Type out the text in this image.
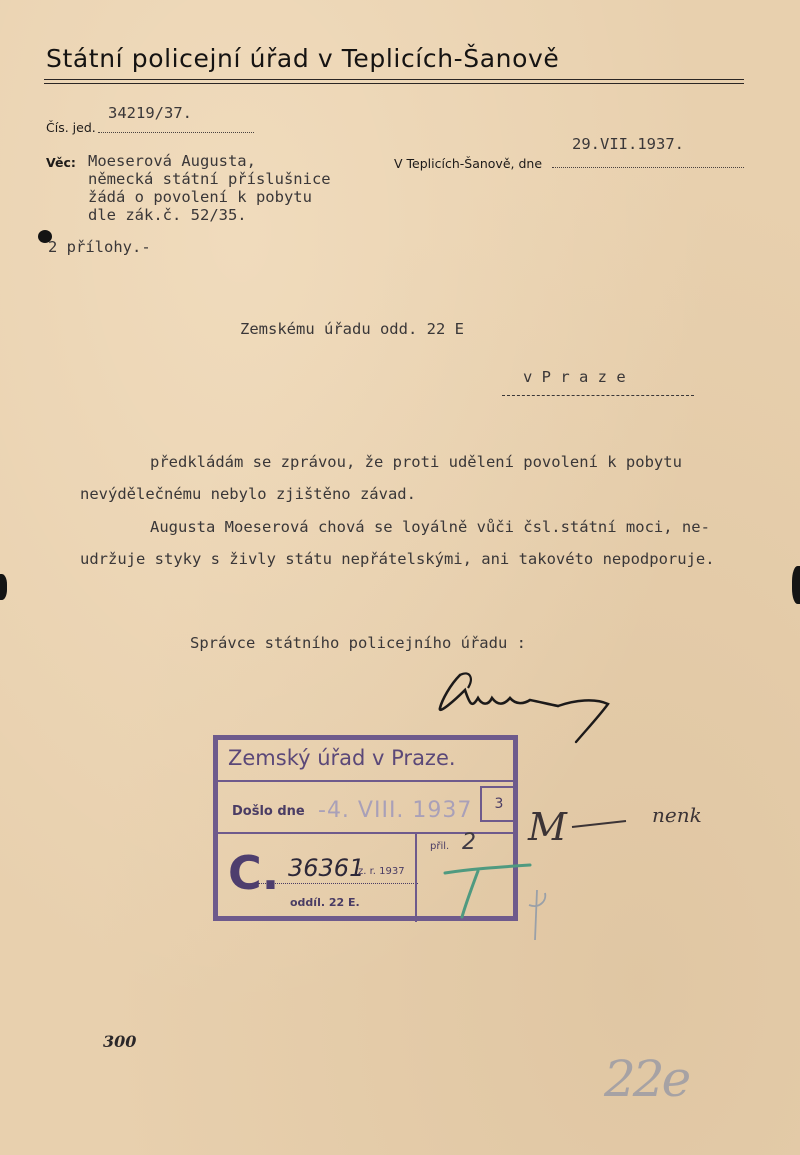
Státní policejní úřad v Teplicích-Šanově
34219/37.
Čís. jed.
29.VII.1937.
V Teplicích-Šanově, dne
Věc: Moeserová Augusta,
německá státní příslušnice
žádá o povolení k pobytu
dle zák.č. 52/35.
2 přílohy.-
Zemskému úřadu odd. 22 E
v P r a z e
předkládám se zprávou, že proti udělení povolení k pobytu
nevýdělečnému nebylo zjištěno závad.
Augusta Moeserová chová se loyálně vůči čsl.státní moci, ne-
udržuje styky s živly státu nepřátelskými, ani takovéto nepodporuje.
Správce státního policejního úřadu :
Zemský úřad v Praze.
Došlo dne -4. VIII. 1937	3
přil. 2
C. 36361
z. r. 1937
oddíl. 22 E.
M	nenk
300
22e
